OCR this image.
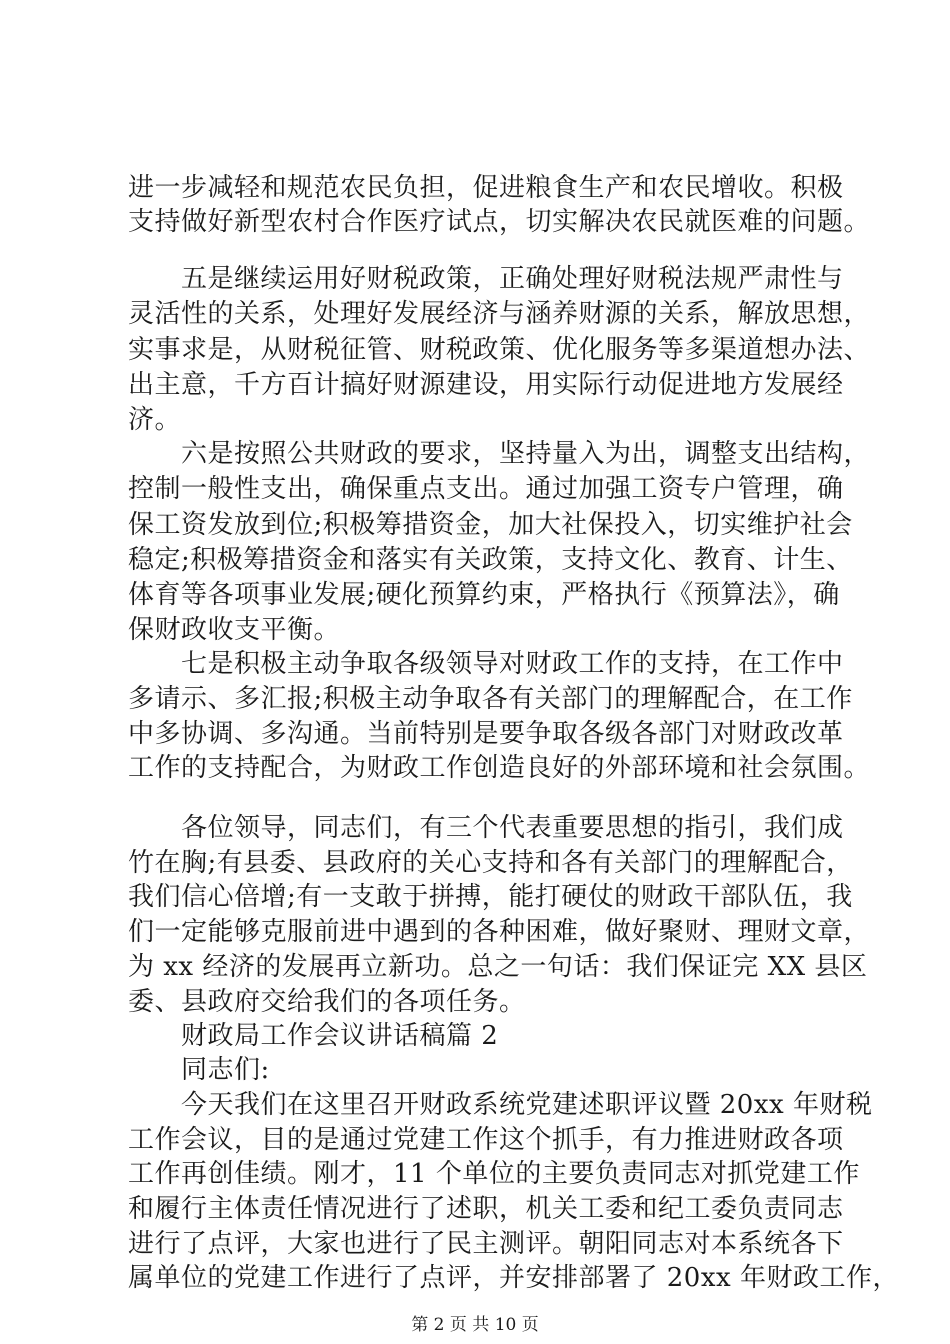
进一步减轻和规范农民负担，促进粮食生产和农民增收。积极

支持做好新型农村合作医疗试点，切实解决农民就医难的问题。

　　五是继续运用好财税政策，正确处理好财税法规严肃性与

灵活性的关系，处理好发展经济与涵养财源的关系，解放思想，

实事求是，从财税征管、财税政策、优化服务等多渠道想办法、

出主意，千方百计搞好财源建设，用实际行动促进地方发展经

济。

　　六是按照公共财政的要求，坚持量入为出，调整支出结构，

控制一般性支出，确保重点支出。通过加强工资专户管理，确

保工资发放到位;积极筹措资金，加大社保投入，切实维护社会

稳定;积极筹措资金和落实有关政策，支持文化、教育、计生、

体育等各项事业发展;硬化预算约束，严格执行《预算法》，确

保财政收支平衡。

　　七是积极主动争取各级领导对财政工作的支持，在工作中

多请示、多汇报;积极主动争取各有关部门的理解配合，在工作

中多协调、多沟通。当前特别是要争取各级各部门对财政改革

工作的支持配合，为财政工作创造良好的外部环境和社会氛围。

　　各位领导，同志们，有三个代表重要思想的指引，我们成

竹在胸;有县委、县政府的关心支持和各有关部门的理解配合，

我们信心倍增;有一支敢于拼搏，能打硬仗的财政干部队伍，我

们一定能够克服前进中遇到的各种困难，做好聚财、理财文章，

为 xx 经济的发展再立新功。总之一句话：我们保证完 XX 县区

委、县政府交给我们的各项任务。

　　财政局工作会议讲话稿篇 2

　　同志们:

　　今天我们在这里召开财政系统党建述职评议暨 20xx 年财税

工作会议，目的是通过党建工作这个抓手，有力推进财政各项

工作再创佳绩。刚才，11 个单位的主要负责同志对抓党建工作

和履行主体责任情况进行了述职，机关工委和纪工委负责同志

进行了点评，大家也进行了民主测评。朝阳同志对本系统各下

属单位的党建工作进行了点评，并安排部署了 20xx 年财政工作，

第 2 页 共 10 页
